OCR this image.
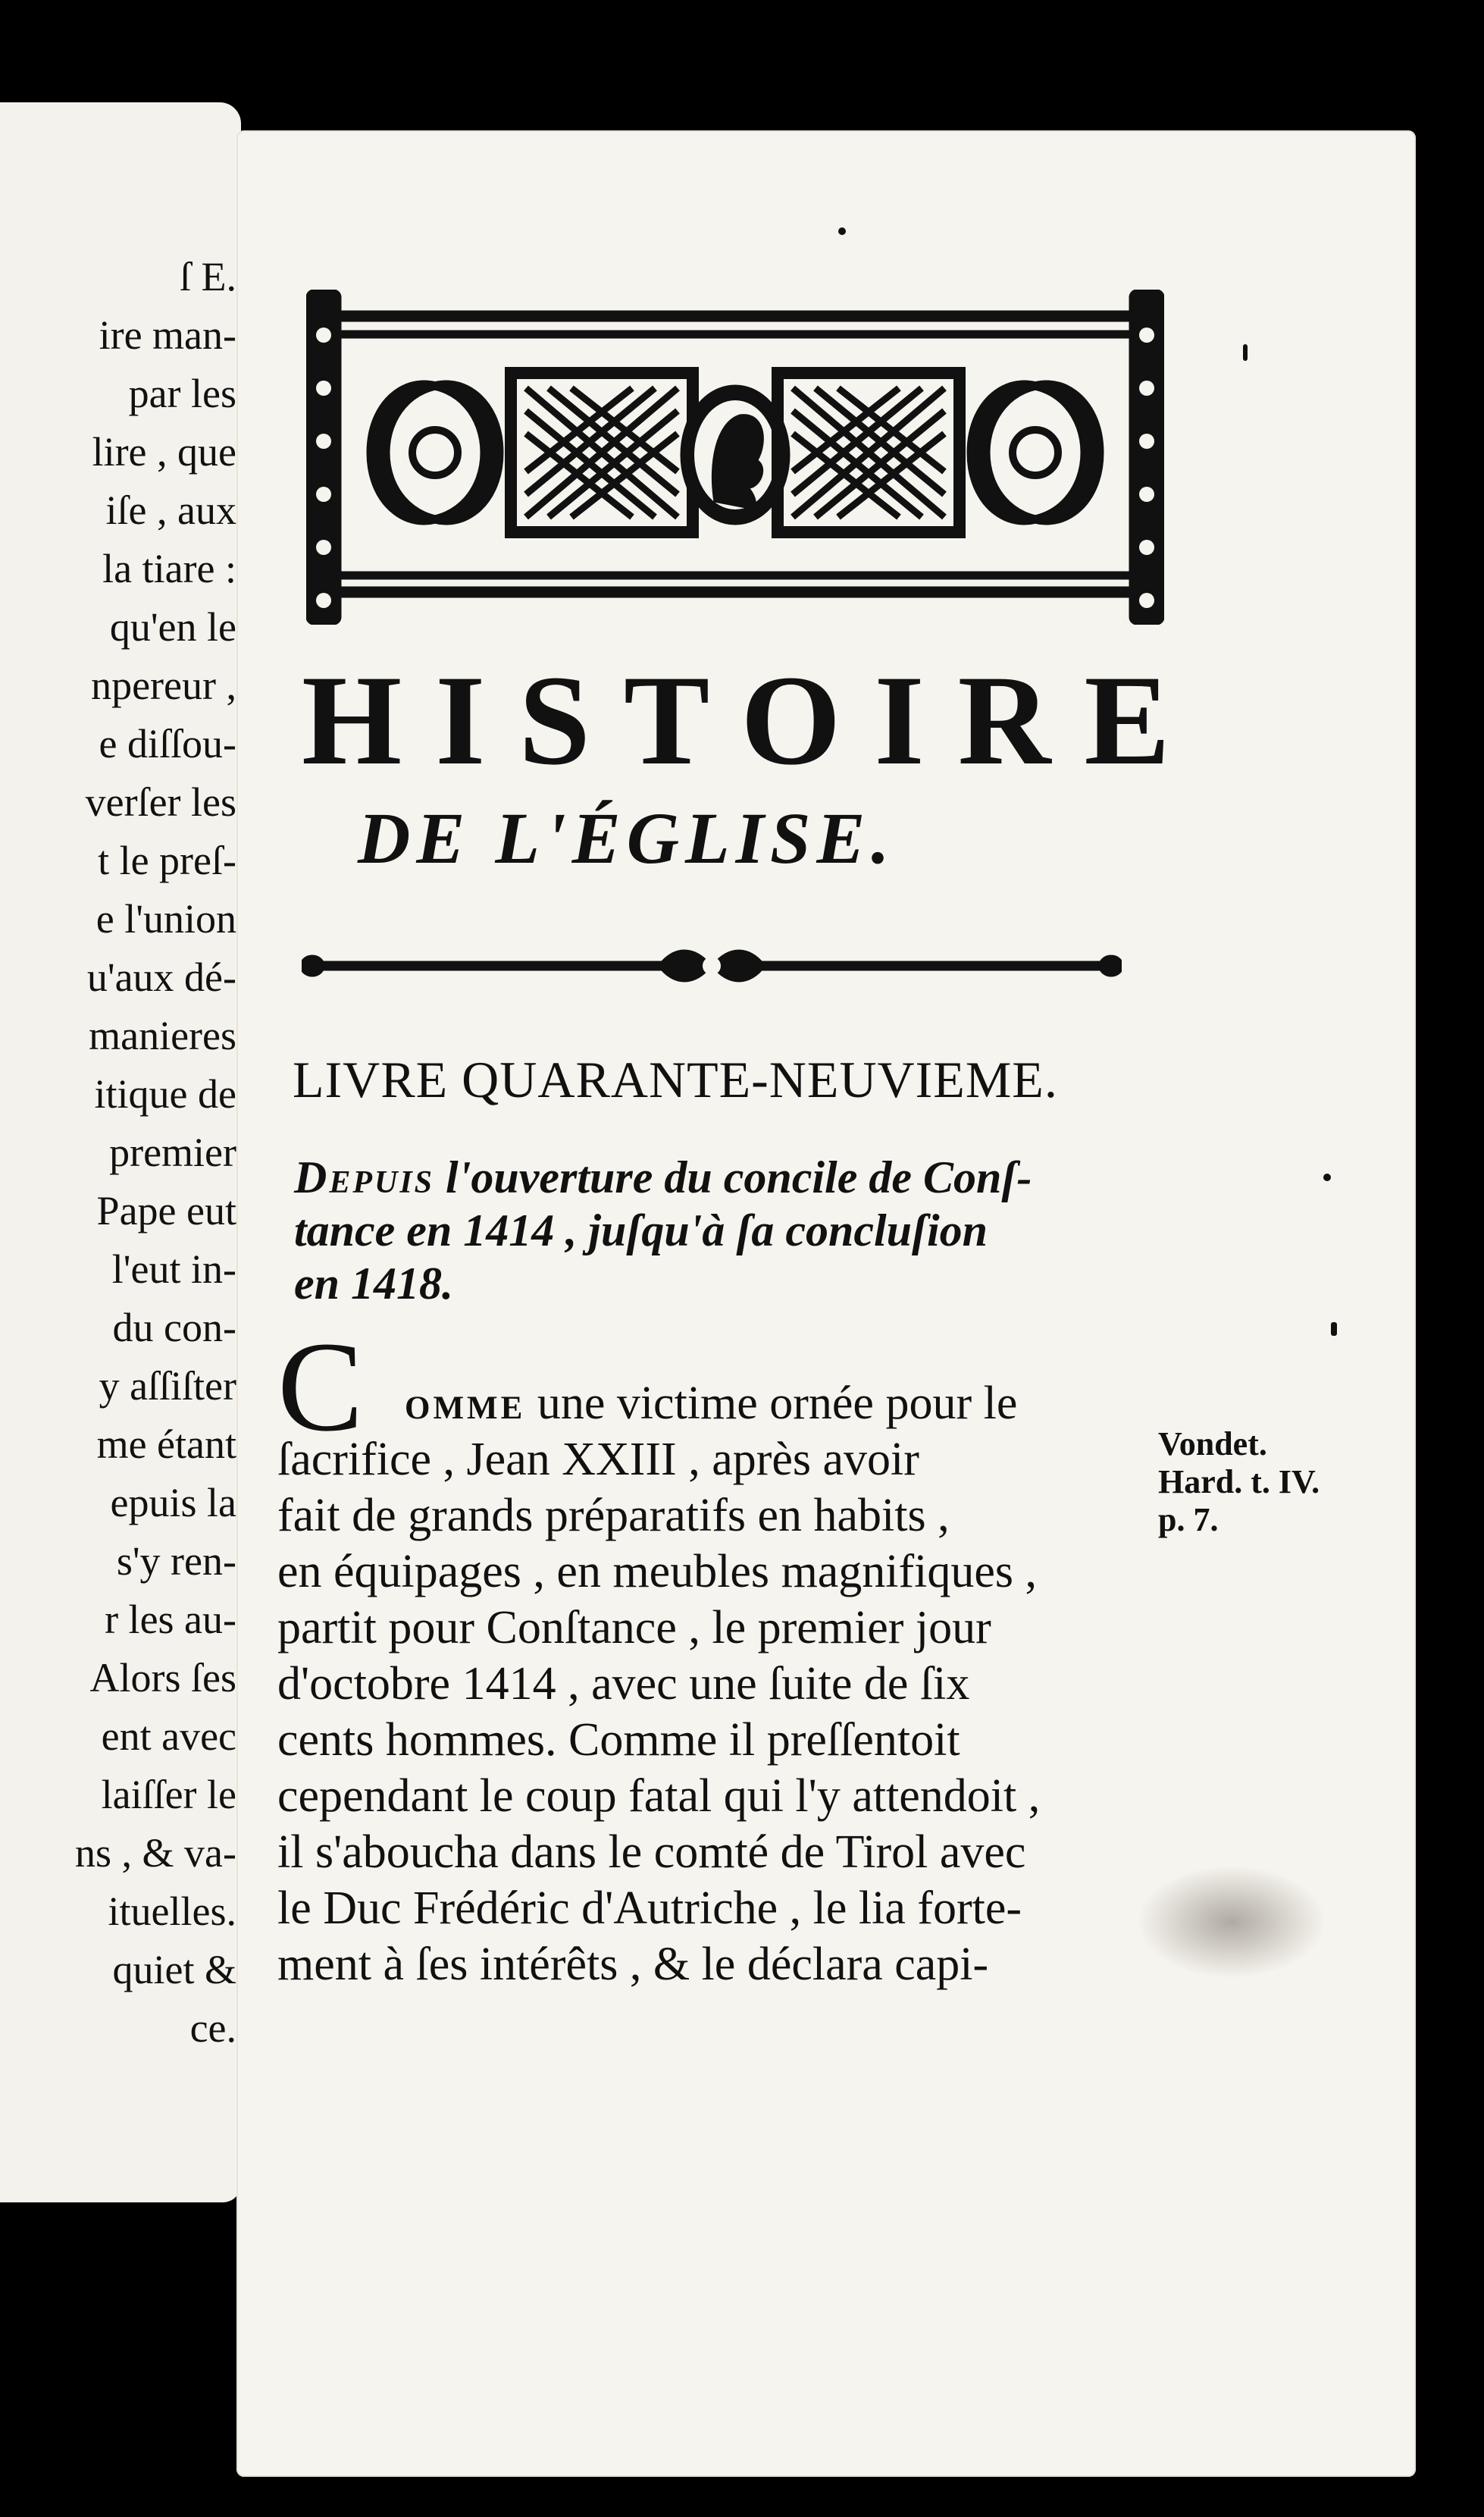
ſ E.
ire man-
par les
lire , que
iſe , aux
la tiare :
qu'en le
npereur ,
e diſſou-
verſer les
t le preſ-
e l'union
u'aux dé-
manieres
itique de
premier
Pape eut
l'eut in-
du con-
y aſſiſter
me étant
epuis la
s'y ren-
r les au-
Alors ſes
ent avec
laiſſer le
ns , & va-
ituelles.
quiet &
ce.
HISTOIRE
DE L'ÉGLISE.
LIVRE QUARANTE-NEUVIEME.
Depuis l'ouverture du concile de Conſ-
tance en 1414 , juſqu'à ſa concluſion
en 1418.
C omme une victime ornée pour le
ſacrifice , Jean XXIII , après avoir
fait de grands préparatifs en habits ,
en équipages , en meubles magnifiques ,
partit pour Conſtance , le premier jour
d'octobre 1414 , avec une ſuite de ſix
cents hommes. Comme il preſſentoit
cependant le coup fatal qui l'y attendoit ,
il s'aboucha dans le comté de Tirol avec
le Duc Frédéric d'Autriche , le lia forte-
ment à ſes intérêts , & le déclara capi-
Vondet.
Hard. t. IV.
p. 7.
